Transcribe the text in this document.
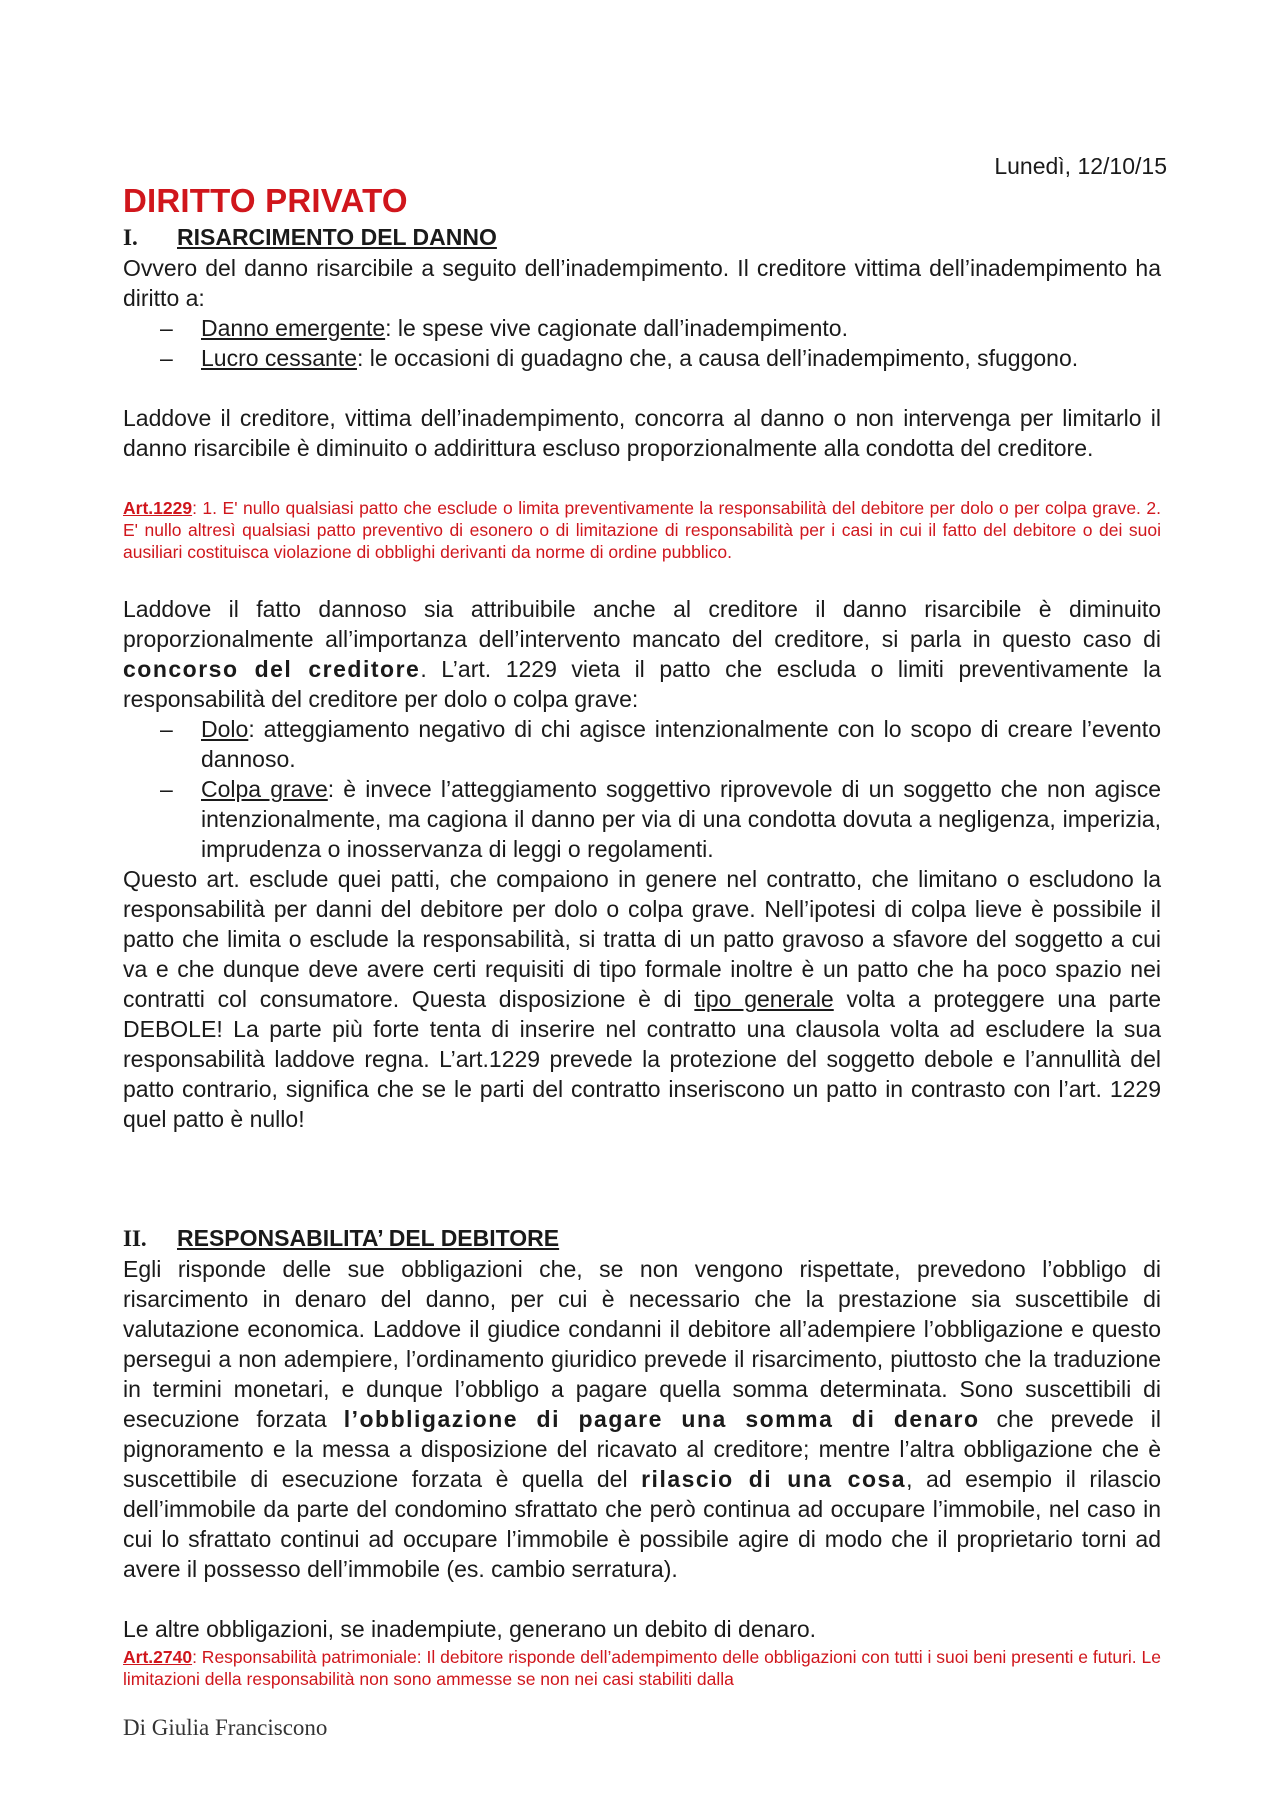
Lunedì, 12/10/15
DIRITTO PRIVATO
I. RISARCIMENTO DEL DANNO

Ovvero del danno risarcibile a seguito dell’inadempimento. Il creditore vittima dell’inadempimento ha diritto a:

– Danno emergente: le spese vive cagionate dall’inadempimento.
– Lucro cessante: le occasioni di guadagno che, a causa dell’inadempimento, sfuggono.

Laddove il creditore, vittima dell’inadempimento, concorra al danno o non intervenga per limitarlo il danno risarcibile è diminuito o addirittura escluso proporzionalmente alla condotta del creditore.

Art.1229: 1. E' nullo qualsiasi patto che esclude o limita preventivamente la responsabilità del debitore per dolo o per colpa grave. 2. E' nullo altresì qualsiasi patto preventivo di esonero o di limitazione di responsabilità per i casi in cui il fatto del debitore o dei suoi ausiliari costituisca violazione di obblighi derivanti da norme di ordine pubblico.

Laddove il fatto dannoso sia attribuibile anche al creditore il danno risarcibile è diminuito proporzionalmente all’importanza dell’intervento mancato del creditore, si parla in questo caso di concorso del creditore. L’art. 1229 vieta il patto che escluda o limiti preventivamente la responsabilità del creditore per dolo o colpa grave:

– Dolo: atteggiamento negativo di chi agisce intenzionalmente con lo scopo di creare l’evento dannoso.
– Colpa grave: è invece l’atteggiamento soggettivo riprovevole di un soggetto che non agisce intenzionalmente, ma cagiona il danno per via di una condotta dovuta a negligenza, imperizia, imprudenza o inosservanza di leggi o regolamenti.

Questo art. esclude quei patti, che compaiono in genere nel contratto, che limitano o escludono la responsabilità per danni del debitore per dolo o colpa grave. Nell’ipotesi di colpa lieve è possibile il patto che limita o esclude la responsabilità, si tratta di un patto gravoso a sfavore del soggetto a cui va e che dunque deve avere certi requisiti di tipo formale inoltre è un patto che ha poco spazio nei contratti col consumatore. Questa disposizione è di tipo generale volta a proteggere una parte DEBOLE! La parte più forte tenta di inserire nel contratto una clausola volta ad escludere la sua responsabilità laddove regna. L’art.1229 prevede la protezione del soggetto debole e l’annullità del patto contrario, significa che se le parti del contratto inseriscono un patto in contrasto con l’art. 1229 quel patto è nullo!

II. RESPONSABILITA’ DEL DEBITORE

Egli risponde delle sue obbligazioni che, se non vengono rispettate, prevedono l’obbligo di risarcimento in denaro del danno, per cui è necessario che la prestazione sia suscettibile di valutazione economica. Laddove il giudice condanni il debitore all’adempiere l’obbligazione e questo persegui a non adempiere, l’ordinamento giuridico prevede il risarcimento, piuttosto che la traduzione in termini monetari, e dunque l’obbligo a pagare quella somma determinata. Sono suscettibili di esecuzione forzata l’obbligazione di pagare una somma di denaro che prevede il pignoramento e la messa a disposizione del ricavato al creditore; mentre l’altra obbligazione che è suscettibile di esecuzione forzata è quella del rilascio di una cosa, ad esempio il rilascio dell’immobile da parte del condomino sfrattato che però continua ad occupare l’immobile, nel caso in cui lo sfrattato continui ad occupare l’immobile è possibile agire di modo che il proprietario torni ad avere il possesso dell’immobile (es. cambio serratura).

Le altre obbligazioni, se inadempiute, generano un debito di denaro.

Art.2740: Responsabilità patrimoniale: Il debitore risponde dell’adempimento delle obbligazioni con tutti i suoi beni presenti e futuri. Le limitazioni della responsabilità non sono ammesse se non nei casi stabiliti dalla

Di Giulia Franciscono
